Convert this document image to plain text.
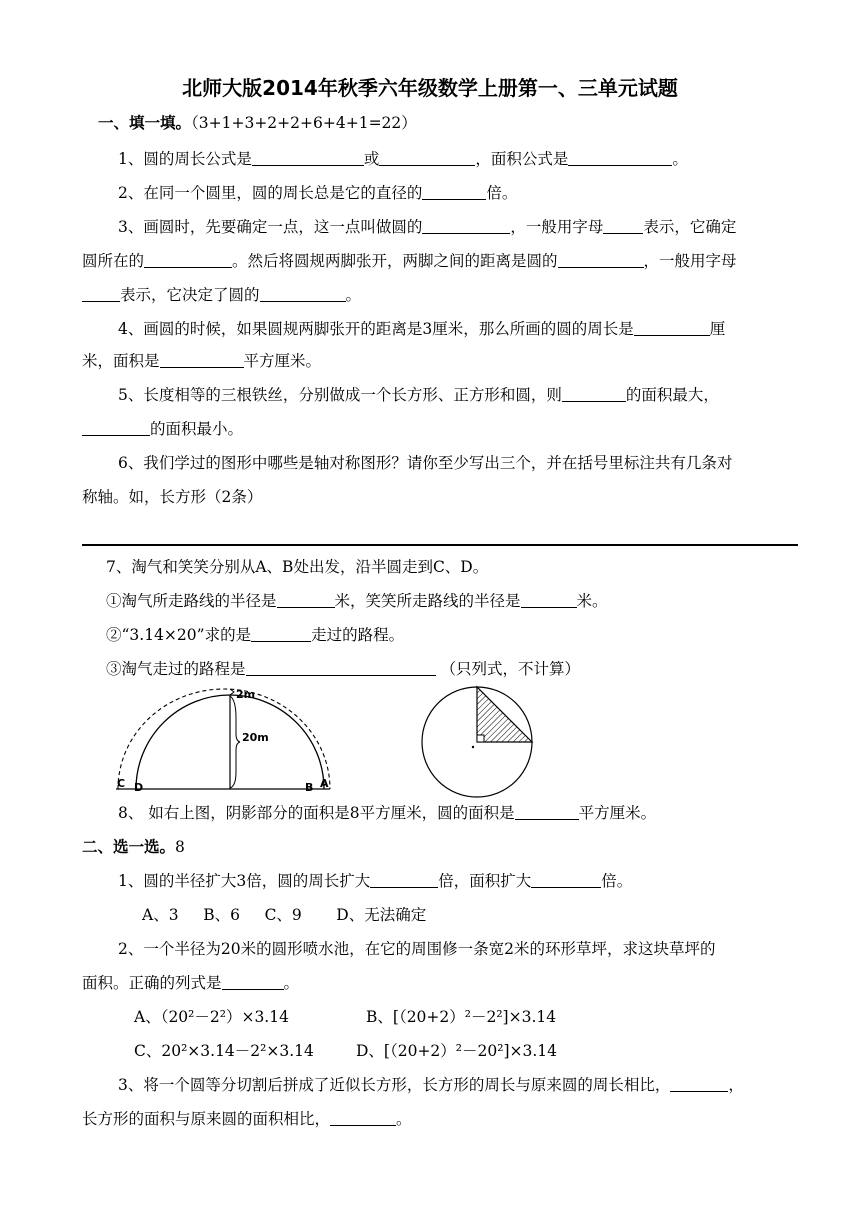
北师大版2014年秋季六年级数学上册第一、三单元试题
一、填一填。（3+1+3+2+2+6+4+1=22）
1、圆的周长公式是	或	，面积公式是	。
2、在同一个圆里，圆的周长总是它的直径的	倍。
3、画圆时，先要确定一点，这一点叫做圆的	，一般用字母	表示，它确定
圆所在的	。然后将圆规两脚张开，两脚之间的距离是圆的	，一般用字母
表示，它决定了圆的	。
4、画圆的时候，如果圆规两脚张开的距离是3厘米，那么所画的圆的周长是	厘
米，面积是	平方厘米。
5、长度相等的三根铁丝，分别做成一个长方形、正方形和圆，则	的面积最大，
的面积最小。
6、我们学过的图形中哪些是轴对称图形？请你至少写出三个，并在括号里标注共有几条对
称轴。如，长方形（2条）
7、淘气和笑笑分别从A、B处出发，沿半圆走到C、D。
①淘气所走路线的半径是	米，笑笑所走路线的半径是	米。
②“3.14×20”求的是	走过的路程。
③淘气走过的路程是	（只列式，不计算）
2m
20m
C D	B A
8、 如右上图，阴影部分的面积是8平方厘米，圆的面积是	平方厘米。
二、选一选。8
1、圆的半径扩大3倍，圆的周长扩大	倍，面积扩大	倍。
A、3     B、6     C、9       D、无法确定
2、一个半径为20米的圆形喷水池，在它的周围修一条宽2米的环形草坪，求这块草坪的
面积。正确的列式是	。
A、（20²－2²）×3.14	B、[（20+2）²－2²]×3.14
C、20²×3.14－2²×3.14	D、[（20+2）²－20²]×3.14
3、将一个圆等分切割后拼成了近似长方形，长方形的周长与原来圆的周长相比，	，
长方形的面积与原来圆的面积相比，	。
